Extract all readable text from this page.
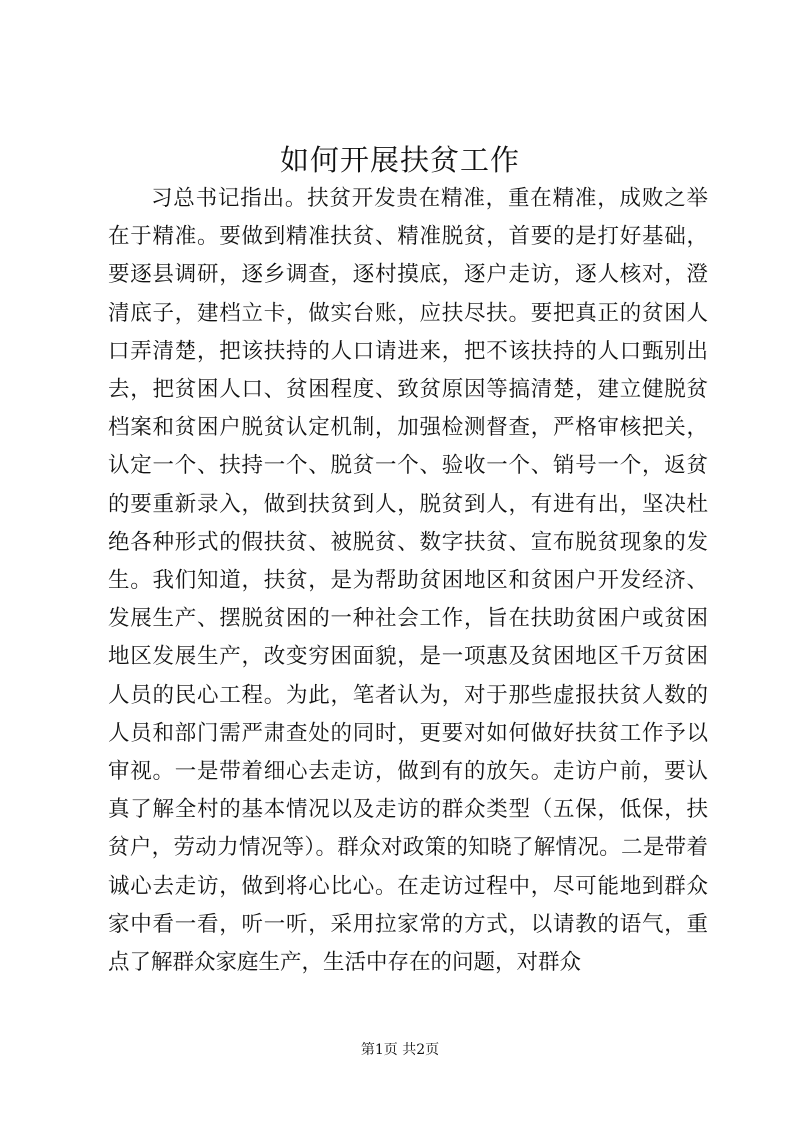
如何开展扶贫工作

习总书记指出。扶贫开发贵在精准，重在精准，成败之举在于精准。要做到精准扶贫、精准脱贫，首要的是打好基础，要逐县调研，逐乡调查，逐村摸底，逐户走访，逐人核对，澄清底子，建档立卡，做实台账，应扶尽扶。要把真正的贫困人口弄清楚，把该扶持的人口请进来，把不该扶持的人口甄别出去，把贫困人口、贫困程度、致贫原因等搞清楚，建立健脱贫档案和贫困户脱贫认定机制，加强检测督查，严格审核把关，认定一个、扶持一个、脱贫一个、验收一个、销号一个，返贫的要重新录入，做到扶贫到人，脱贫到人，有进有出，坚决杜绝各种形式的假扶贫、被脱贫、数字扶贫、宣布脱贫现象的发生。我们知道，扶贫，是为帮助贫困地区和贫困户开发经济、发展生产、摆脱贫困的一种社会工作，旨在扶助贫困户或贫困地区发展生产，改变穷困面貌，是一项惠及贫困地区千万贫困人员的民心工程。为此，笔者认为，对于那些虚报扶贫人数的人员和部门需严肃查处的同时，更要对如何做好扶贫工作予以审视。一是带着细心去走访，做到有的放矢。走访户前，要认真了解全村的基本情况以及走访的群众类型（五保，低保，扶贫户，劳动力情况等）。群众对政策的知晓了解情况。二是带着诚心去走访，做到将心比心。在走访过程中，尽可能地到群众家中看一看，听一听，采用拉家常的方式，以请教的语气，重点了解群众家庭生产，生活中存在的问题，对群众

第1页 共2页
